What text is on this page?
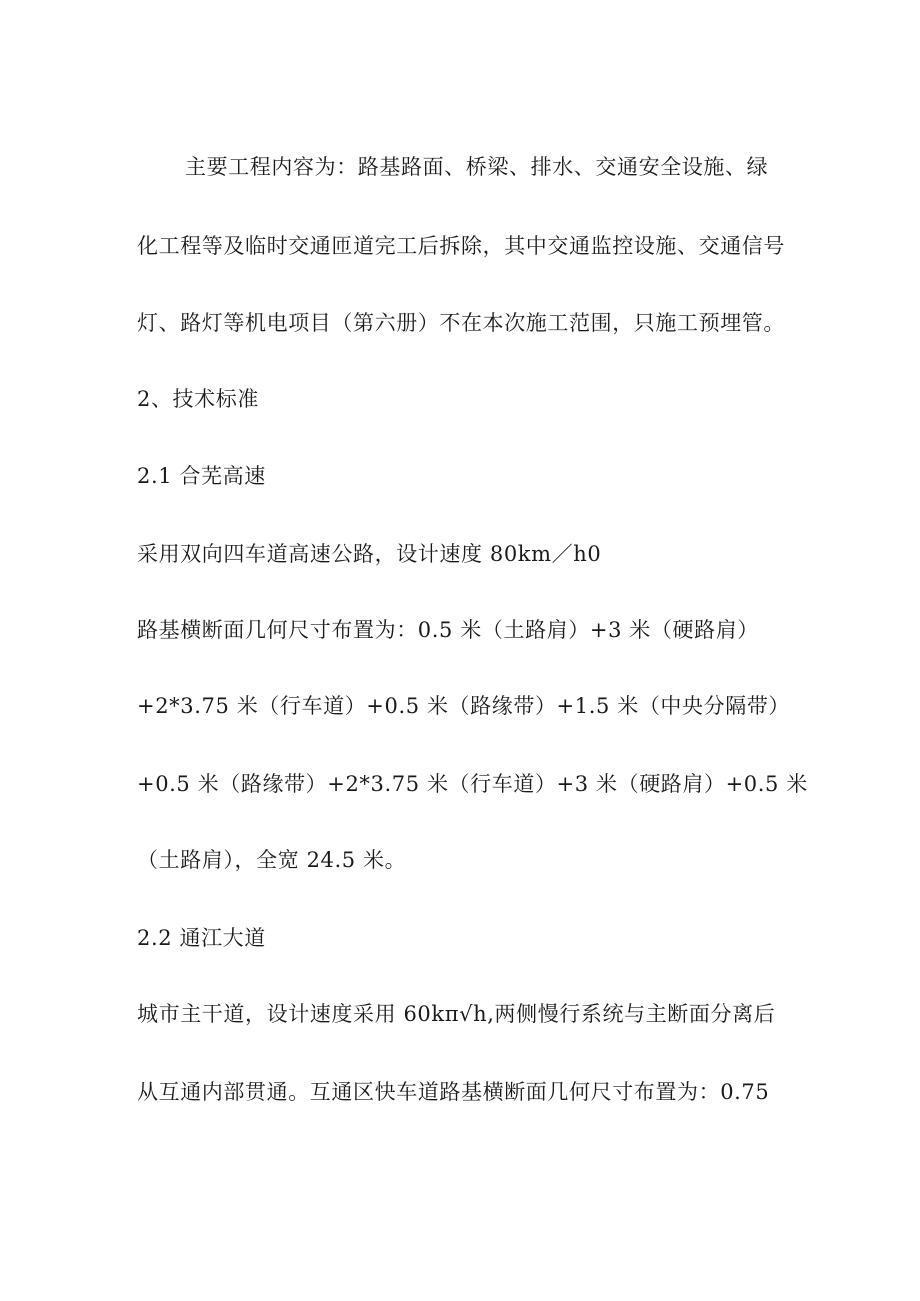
主要工程内容为：路基路面、桥梁、排水、交通安全设施、绿
化工程等及临时交通匝道完工后拆除，其中交通监控设施、交通信号
灯、路灯等机电项目（第六册）不在本次施工范围，只施工预埋管。
2、技术标准
2.1 合芜高速
采用双向四车道高速公路，设计速度 80km／h0
路基横断面几何尺寸布置为：0.5 米（土路肩）+3 米（硬路肩）
+2*3.75 米（行车道）+0.5 米（路缘带）+1.5 米（中央分隔带）
+0.5 米（路缘带）+2*3.75 米（行车道）+3 米（硬路肩）+0.5 米
（土路肩），全宽 24.5 米。
2.2 通江大道
城市主干道，设计速度采用 60kπ√h,两侧慢行系统与主断面分离后
从互通内部贯通。互通区快车道路基横断面几何尺寸布置为：0.75
